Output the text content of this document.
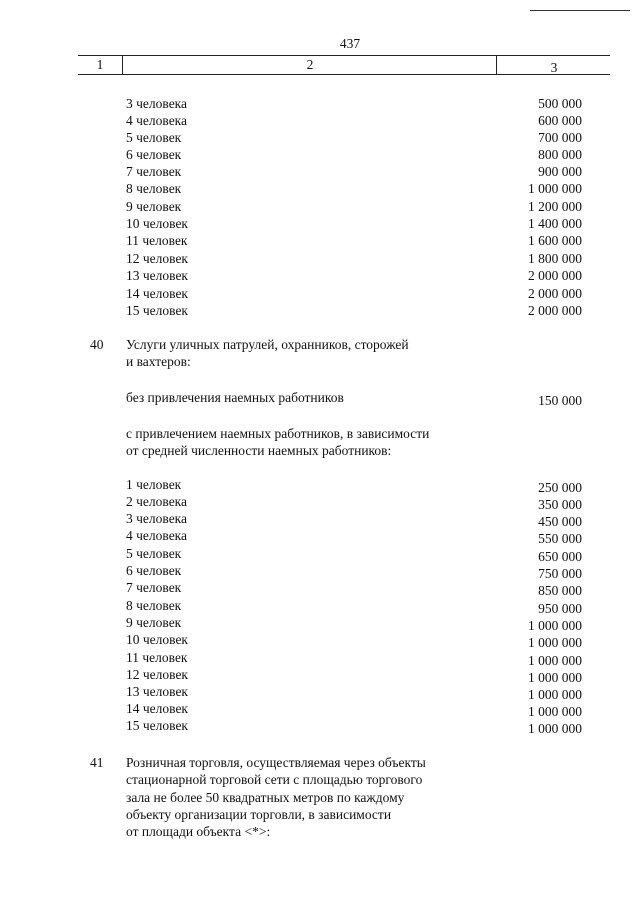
437
1	2	3
3 человека	500 000
4 человека	600 000
5 человек	700 000
6 человек	800 000
7 человек	900 000
8 человек	1 000 000
9 человек	1 200 000
10 человек	1 400 000
11 человек	1 600 000
12 человек	1 800 000
13 человек	2 000 000
14 человек	2 000 000
15 человек	2 000 000
40 Услуги уличных патрулей, охранников, сторожей
и вахтеров:
без привлечения наемных работников	150 000
с привлечением наемных работников, в зависимости
от средней численности наемных работников:
1 человек	250 000
2 человека	350 000
3 человека	450 000
4 человека	550 000
5 человек	650 000
6 человек	750 000
7 человек	850 000
8 человек	950 000
9 человек	1 000 000
10 человек	1 000 000
11 человек	1 000 000
12 человек	1 000 000
13 человек	1 000 000
14 человек	1 000 000
15 человек	1 000 000
41 Розничная торговля, осуществляемая через объекты
стационарной торговой сети с площадью торгового
зала не более 50 квадратных метров по каждому
объекту организации торговли, в зависимости
от площади объекта <*>:
